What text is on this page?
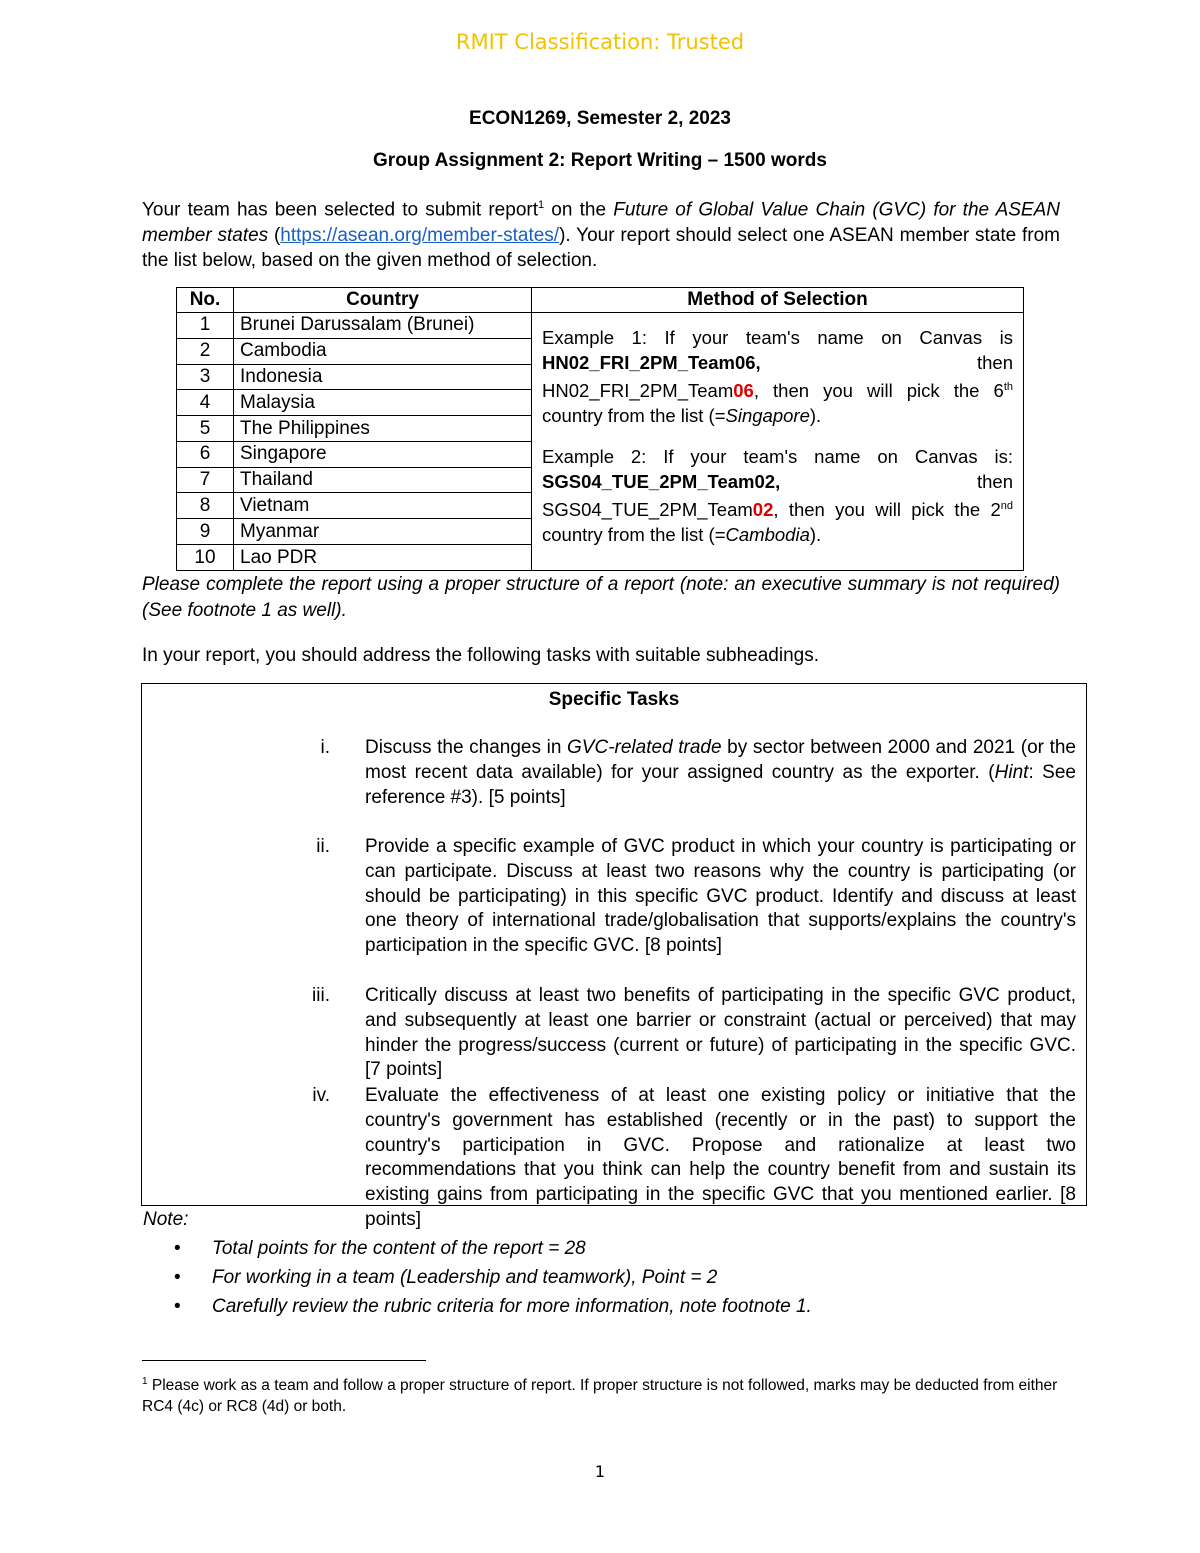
RMIT Classification: Trusted
ECON1269, Semester 2, 2023
Group Assignment 2: Report Writing – 1500 words
Your team has been selected to submit report$^1$ on the Future of Global Value Chain (GVC) for the ASEAN member states (https://asean.org/member-states/). Your report should select one ASEAN member state from the list below, based on the given method of selection.
No.	Country	Method of Selection
1	Brunei Darussalam (Brunei)	Example 1: If your team's name on Canvas is HN02_FRI_2PM_Team06, then HN02_FRI_2PM_Team06, then you will pick the 6th country from the list (=Singapore).

Example 2: If your team's name on Canvas is: SGS04_TUE_2PM_Team02, then SGS04_TUE_2PM_Team02, then you will pick the 2nd country from the list (=Cambodia).

2	Cambodia	
3	Indonesia	
4	Malaysia	
5	The Philippines	
6	Singapore	
7	Thailand	
8	Vietnam	
9	Myanmar	
10	Lao PDR	
Please complete the report using a proper structure of a report (note: an executive summary is not required) (See footnote 1 as well).
In your report, you should address the following tasks with suitable subheadings.
Specific Tasks
i. Discuss the changes in GVC-related trade by sector between 2000 and 2021 (or the most recent data available) for your assigned country as the exporter. (Hint: See reference #3). [5 points]
ii. Provide a specific example of GVC product in which your country is participating or can participate. Discuss at least two reasons why the country is participating (or should be participating) in this specific GVC product. Identify and discuss at least one theory of international trade/globalisation that supports/explains the country's participation in the specific GVC. [8 points]
iii. Critically discuss at least two benefits of participating in the specific GVC product, and subsequently at least one barrier or constraint (actual or perceived) that may hinder the progress/success (current or future) of participating in the specific GVC. [7 points]
iv. Evaluate the effectiveness of at least one existing policy or initiative that the country's government has established (recently or in the past) to support the country's participation in GVC. Propose and rationalize at least two recommendations that you think can help the country benefit from and sustain its existing gains from participating in the specific GVC that you mentioned earlier. [8 points]
Note:
• Total points for the content of the report = 28
• For working in a team (Leadership and teamwork), Point = 2
• Carefully review the rubric criteria for more information, note footnote 1.
$^1$ Please work as a team and follow a proper structure of report. If proper structure is not followed, marks may be deducted from either RC4 (4c) or RC8 (4d) or both.
1
